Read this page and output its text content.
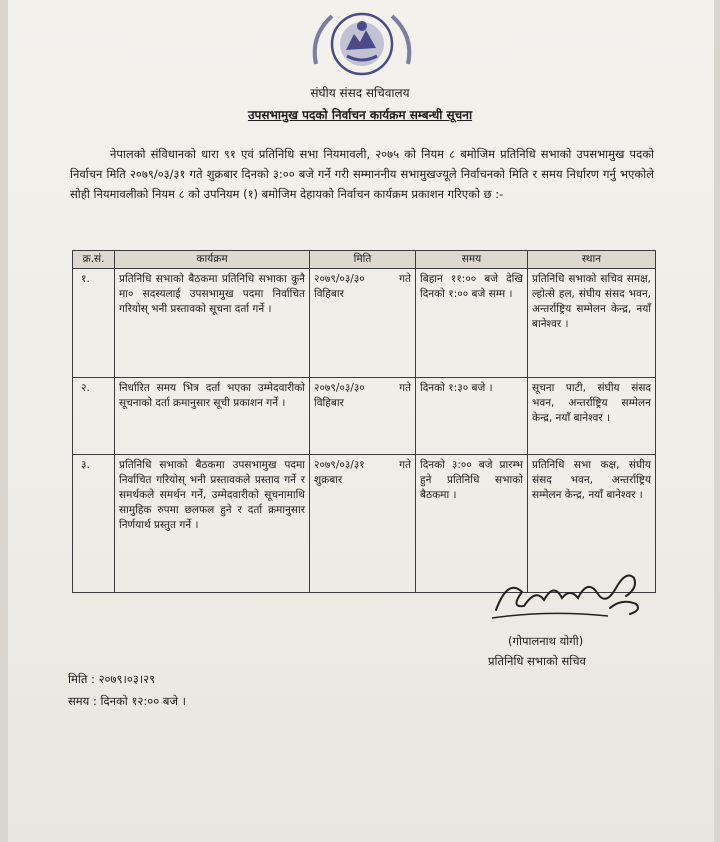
संघीय संसद सचिवालय
उपसभामुख पदको निर्वाचन कार्यक्रम सम्बन्धी सूचना

नेपालको संविधानको धारा ९१ एवं प्रतिनिधि सभा नियमावली, २०७५ को नियम ८ बमोजिम प्रतिनिधि सभाको उपसभामुख पदको निर्वाचन मिति २०७९/०३/३१ गते शुक्रबार दिनको ३:०० बजे गर्ने गरी सम्माननीय सभामुखज्यूले निर्वाचनको मिति र समय निर्धारण गर्नु भएकोले सोही नियमावलीको नियम ८ को उपनियम (१) बमोजिम देहायको निर्वाचन कार्यक्रम प्रकाशन गरिएको छ :-

क्र.सं.	कार्यक्रम	मिति	समय	स्थान
१.	प्रतिनिधि सभाको बैठकमा प्रतिनिधि सभाका कुनै मा० सदस्यलाई उपसभामुख पदमा निर्वाचित गरियोस् भनी प्रस्तावको सूचना दर्ता गर्ने ।	२०७९/०३/३० गते विहिबार	बिहान ११:०० बजे देखि दिनको १:०० बजे सम्म ।	प्रतिनिधि सभाको सचिव समक्ष, ल्होत्से हल, संघीय संसद भवन, अन्तर्राष्ट्रिय सम्मेलन केन्द्र, नयाँ बानेश्वर ।
२.	निर्धारित समय भित्र दर्ता भएका उम्मेदवारीको सूचनाको दर्ता क्रमानुसार सूची प्रकाशन गर्ने ।	२०७९/०३/३० गते विहिबार	दिनको १:३० बजे ।	सूचना पाटी, संघीय संसद भवन, अन्तर्राष्ट्रिय सम्मेलन केन्द्र, नयाँ बानेश्वर ।
३.	प्रतिनिधि सभाको बैठकमा उपसभामुख पदमा निर्वाचित गरियोस् भनी प्रस्तावकले प्रस्ताव गर्ने र समर्थकले समर्थन गर्ने, उम्मेदवारीको सूचनामाथि सामुहिक रुपमा छलफल हुने र दर्ता क्रमानुसार निर्णयार्थ प्रस्तुत गर्ने ।	२०७९/०३/३१ गते शुक्रबार	दिनको ३:०० बजे प्रारम्भ हुने प्रतिनिधि सभाको बैठकमा ।	प्रतिनिधि सभा कक्ष, संघीय संसद भवन, अन्तर्राष्ट्रिय सम्मेलन केन्द्र, नयाँ बानेश्वर ।
(गोपालनाथ योगी)
प्रतिनिधि सभाको सचिव
मिति : २०७९।०३।२९
समय : दिनको १२:०० बजे ।
